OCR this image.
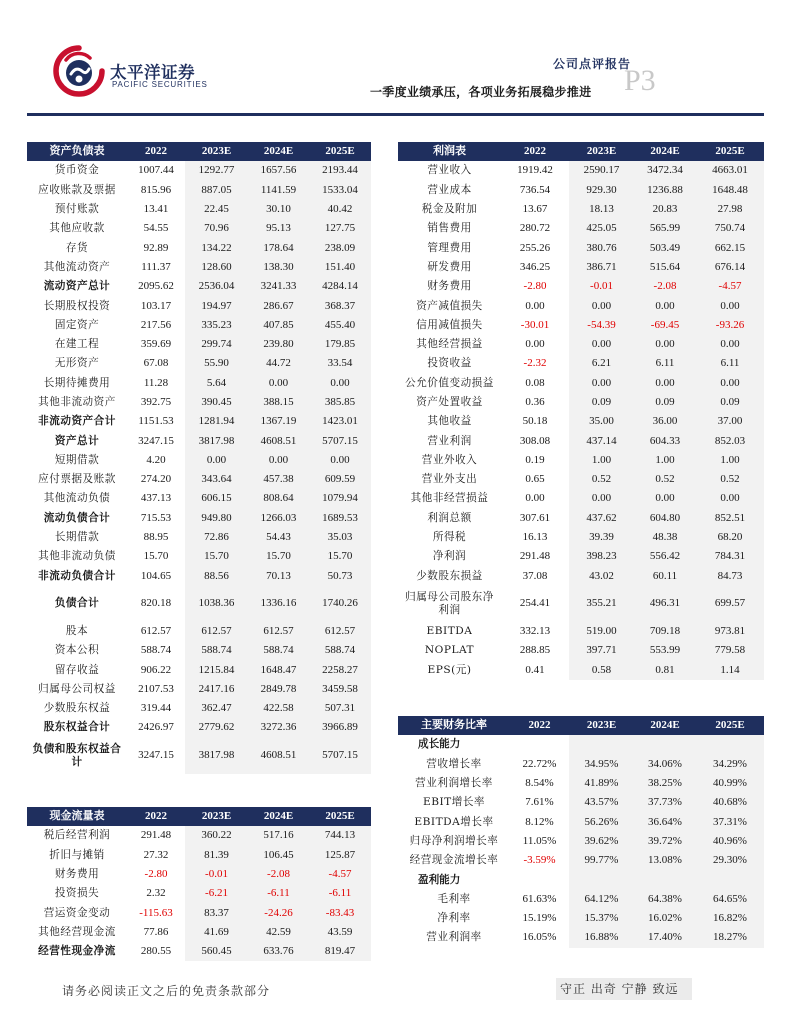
太平洋证券
PACIFIC SECURITIES
公司点评报告
P3
一季度业绩承压，各项业务拓展稳步推进
资产负债表	2022	2023E	2024E	2025E
货币资金	1007.44	1292.77	1657.56	2193.44
应收账款及票据	815.96	887.05	1141.59	1533.04
预付账款	13.41	22.45	30.10	40.42
其他应收款	54.55	70.96	95.13	127.75
存货	92.89	134.22	178.64	238.09
其他流动资产	111.37	128.60	138.30	151.40
流动资产总计	2095.62	2536.04	3241.33	4284.14
长期股权投资	103.17	194.97	286.67	368.37
固定资产	217.56	335.23	407.85	455.40
在建工程	359.69	299.74	239.80	179.85
无形资产	67.08	55.90	44.72	33.54
长期待摊费用	11.28	5.64	0.00	0.00
其他非流动资产	392.75	390.45	388.15	385.85
非流动资产合计	1151.53	1281.94	1367.19	1423.01
资产总计	3247.15	3817.98	4608.51	5707.15
短期借款	4.20	0.00	0.00	0.00
应付票据及账款	274.20	343.64	457.38	609.59
其他流动负债	437.13	606.15	808.64	1079.94
流动负债合计	715.53	949.80	1266.03	1689.53
长期借款	88.95	72.86	54.43	35.03
其他非流动负债	15.70	15.70	15.70	15.70
非流动负债合计	104.65	88.56	70.13	50.73
负债合计	820.18	1038.36	1336.16	1740.26
股本	612.57	612.57	612.57	612.57
资本公积	588.74	588.74	588.74	588.74
留存收益	906.22	1215.84	1648.47	2258.27
归属母公司权益	2107.53	2417.16	2849.78	3459.58
少数股东权益	319.44	362.47	422.58	507.31
股东权益合计	2426.97	2779.62	3272.36	3966.89
负债和股东权益合计	3247.15	3817.98	4608.51	5707.15
利润表	2022	2023E	2024E	2025E
营业收入	1919.42	2590.17	3472.34	4663.01
营业成本	736.54	929.30	1236.88	1648.48
税金及附加	13.67	18.13	20.83	27.98
销售费用	280.72	425.05	565.99	750.74
管理费用	255.26	380.76	503.49	662.15
研发费用	346.25	386.71	515.64	676.14
财务费用	-2.80	-0.01	-2.08	-4.57
资产减值损失	0.00	0.00	0.00	0.00
信用减值损失	-30.01	-54.39	-69.45	-93.26
其他经营损益	0.00	0.00	0.00	0.00
投资收益	-2.32	6.21	6.11	6.11
公允价值变动损益	0.08	0.00	0.00	0.00
资产处置收益	0.36	0.09	0.09	0.09
其他收益	50.18	35.00	36.00	37.00
营业利润	308.08	437.14	604.33	852.03
营业外收入	0.19	1.00	1.00	1.00
营业外支出	0.65	0.52	0.52	0.52
其他非经营损益	0.00	0.00	0.00	0.00
利润总额	307.61	437.62	604.80	852.51
所得税	16.13	39.39	48.38	68.20
净利润	291.48	398.23	556.42	784.31
少数股东损益	37.08	43.02	60.11	84.73
归属母公司股东净利润	254.41	355.21	496.31	699.57
EBITDA	332.13	519.00	709.18	973.81
NOPLAT	288.85	397.71	553.99	779.58
EPS(元)	0.41	0.58	0.81	1.14
现金流量表	2022	2023E	2024E	2025E
税后经营利润	291.48	360.22	517.16	744.13
折旧与摊销	27.32	81.39	106.45	125.87
财务费用	-2.80	-0.01	-2.08	-4.57
投资损失	2.32	-6.21	-6.11	-6.11
营运资金变动	-115.63	83.37	-24.26	-83.43
其他经营现金流	77.86	41.69	42.59	43.59
经营性现金净流	280.55	560.45	633.76	819.47
主要财务比率	2022	2023E	2024E	2025E
成长能力				
营收增长率	22.72%	34.95%	34.06%	34.29%
营业利润增长率	8.54%	41.89%	38.25%	40.99%
EBIT增长率	7.61%	43.57%	37.73%	40.68%
EBITDA增长率	8.12%	56.26%	36.64%	37.31%
归母净利润增长率	11.05%	39.62%	39.72%	40.96%
经营现金流增长率	-3.59%	99.77%	13.08%	29.30%
盈利能力				
毛利率	61.63%	64.12%	64.38%	64.65%
净利率	15.19%	15.37%	16.02%	16.82%
营业利润率	16.05%	16.88%	17.40%	18.27%
请务必阅读正文之后的免责条款部分	守正 出奇 宁静 致远
